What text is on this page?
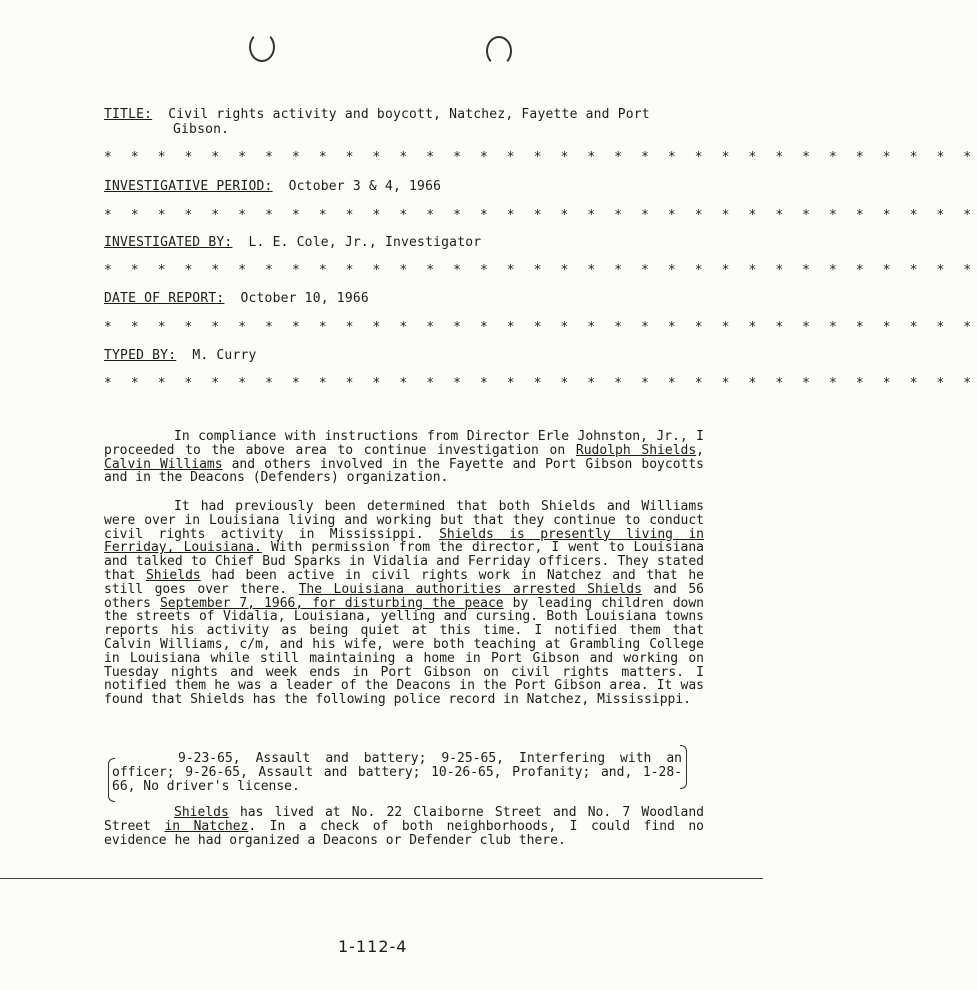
TITLE: Civil rights activity and boycott, Natchez, Fayette and Port
Gibson.
* * * * * * * * * * * * * * * * * * * * * * * * * * * * * * * * *
INVESTIGATIVE PERIOD: October 3 & 4, 1966
* * * * * * * * * * * * * * * * * * * * * * * * * * * * * * * * *
INVESTIGATED BY: L. E. Cole, Jr., Investigator
* * * * * * * * * * * * * * * * * * * * * * * * * * * * * * * * *
DATE OF REPORT: October 10, 1966
* * * * * * * * * * * * * * * * * * * * * * * * * * * * * * * * *
TYPED BY: M. Curry
* * * * * * * * * * * * * * * * * * * * * * * * * * * * * * * * *

In compliance with instructions from Director Erle Johnston, Jr., I proceeded to the above area to continue investigation on Rudolph Shields, Calvin Williams and others involved in the Fayette and Port Gibson boycotts and in the Deacons (Defenders) organization.

It had previously been determined that both Shields and Williams were over in Louisiana living and working but that they continue to conduct civil rights activity in Mississippi. Shields is presently living in Ferriday, Louisiana. With permission from the director, I went to Louisiana and talked to Chief Bud Sparks in Vidalia and Ferriday officers. They stated that Shields had been active in civil rights work in Natchez and that he still goes over there. The Louisiana authorities arrested Shields and 56 others September 7, 1966, for disturbing the peace by leading children down the streets of Vidalia, Louisiana, yelling and cursing. Both Louisiana towns reports his activity as being quiet at this time. I notified them that Calvin Williams, c/m, and his wife, were both teaching at Grambling College in Louisiana while still maintaining a home in Port Gibson and working on Tuesday nights and week ends in Port Gibson on civil rights matters. I notified them he was a leader of the Deacons in the Port Gibson area. It was found that Shields has the following police record in Natchez, Mississippi.

9-23-65, Assault and battery; 9-25-65, Interfering with an officer; 9-26-65, Assault and battery; 10-26-65, Profanity; and, 1-28-66, No driver's license.

Shields has lived at No. 22 Claiborne Street and No. 7 Woodland Street in Natchez. In a check of both neighborhoods, I could find no evidence he had organized a Deacons or Defender club there.

1-112-4
